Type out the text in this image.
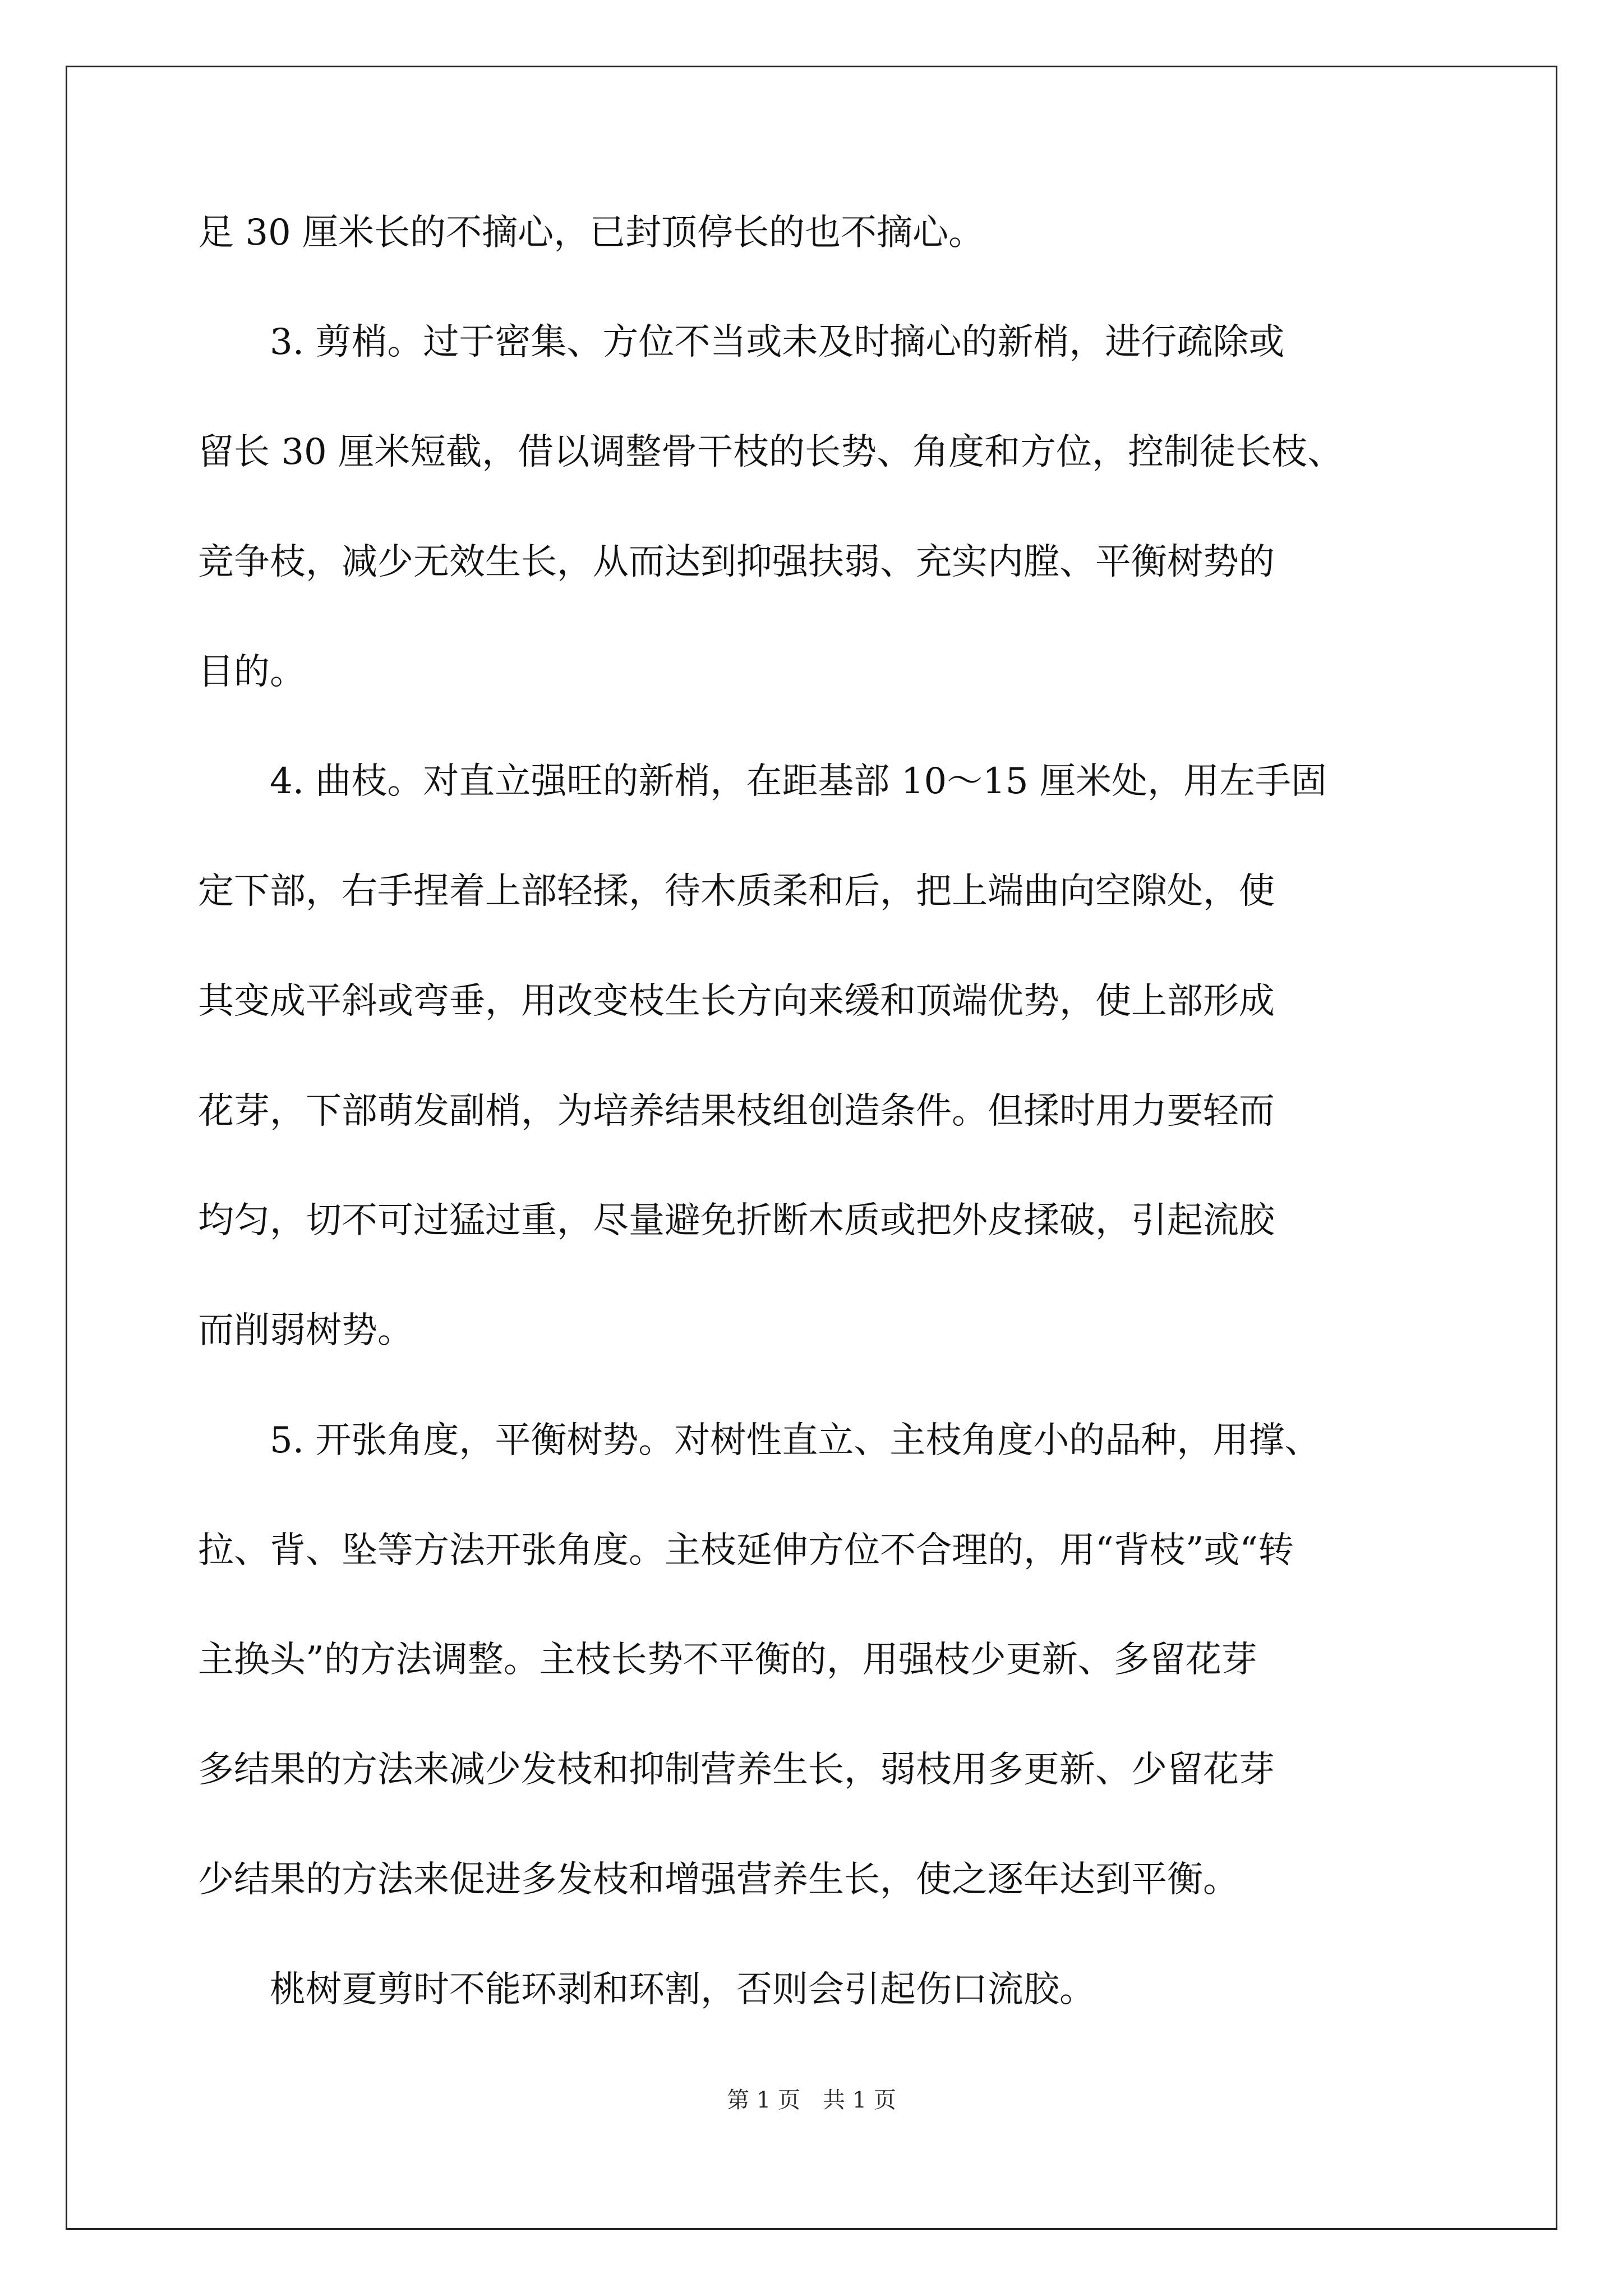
足 30 厘米长的不摘心，已封顶停长的也不摘心。
3. 剪梢。过于密集、方位不当或未及时摘心的新梢，进行疏除或
留长 30 厘米短截，借以调整骨干枝的长势、角度和方位，控制徒长枝、
竞争枝，减少无效生长，从而达到抑强扶弱、充实内膛、平衡树势的
目的。
4. 曲枝。对直立强旺的新梢，在距基部 10～15 厘米处，用左手固
定下部，右手捏着上部轻揉，待木质柔和后，把上端曲向空隙处，使
其变成平斜或弯垂，用改变枝生长方向来缓和顶端优势，使上部形成
花芽，下部萌发副梢，为培养结果枝组创造条件。但揉时用力要轻而
均匀，切不可过猛过重，尽量避免折断木质或把外皮揉破，引起流胶
而削弱树势。
5. 开张角度，平衡树势。对树性直立、主枝角度小的品种，用撑、
拉、背、坠等方法开张角度。主枝延伸方位不合理的，用“背枝”或“转
主换头”的方法调整。主枝长势不平衡的，用强枝少更新、多留花芽
多结果的方法来减少发枝和抑制营养生长，弱枝用多更新、少留花芽
少结果的方法来促进多发枝和增强营养生长，使之逐年达到平衡。
桃树夏剪时不能环剥和环割，否则会引起伤口流胶。
第 1 页　共 1 页
